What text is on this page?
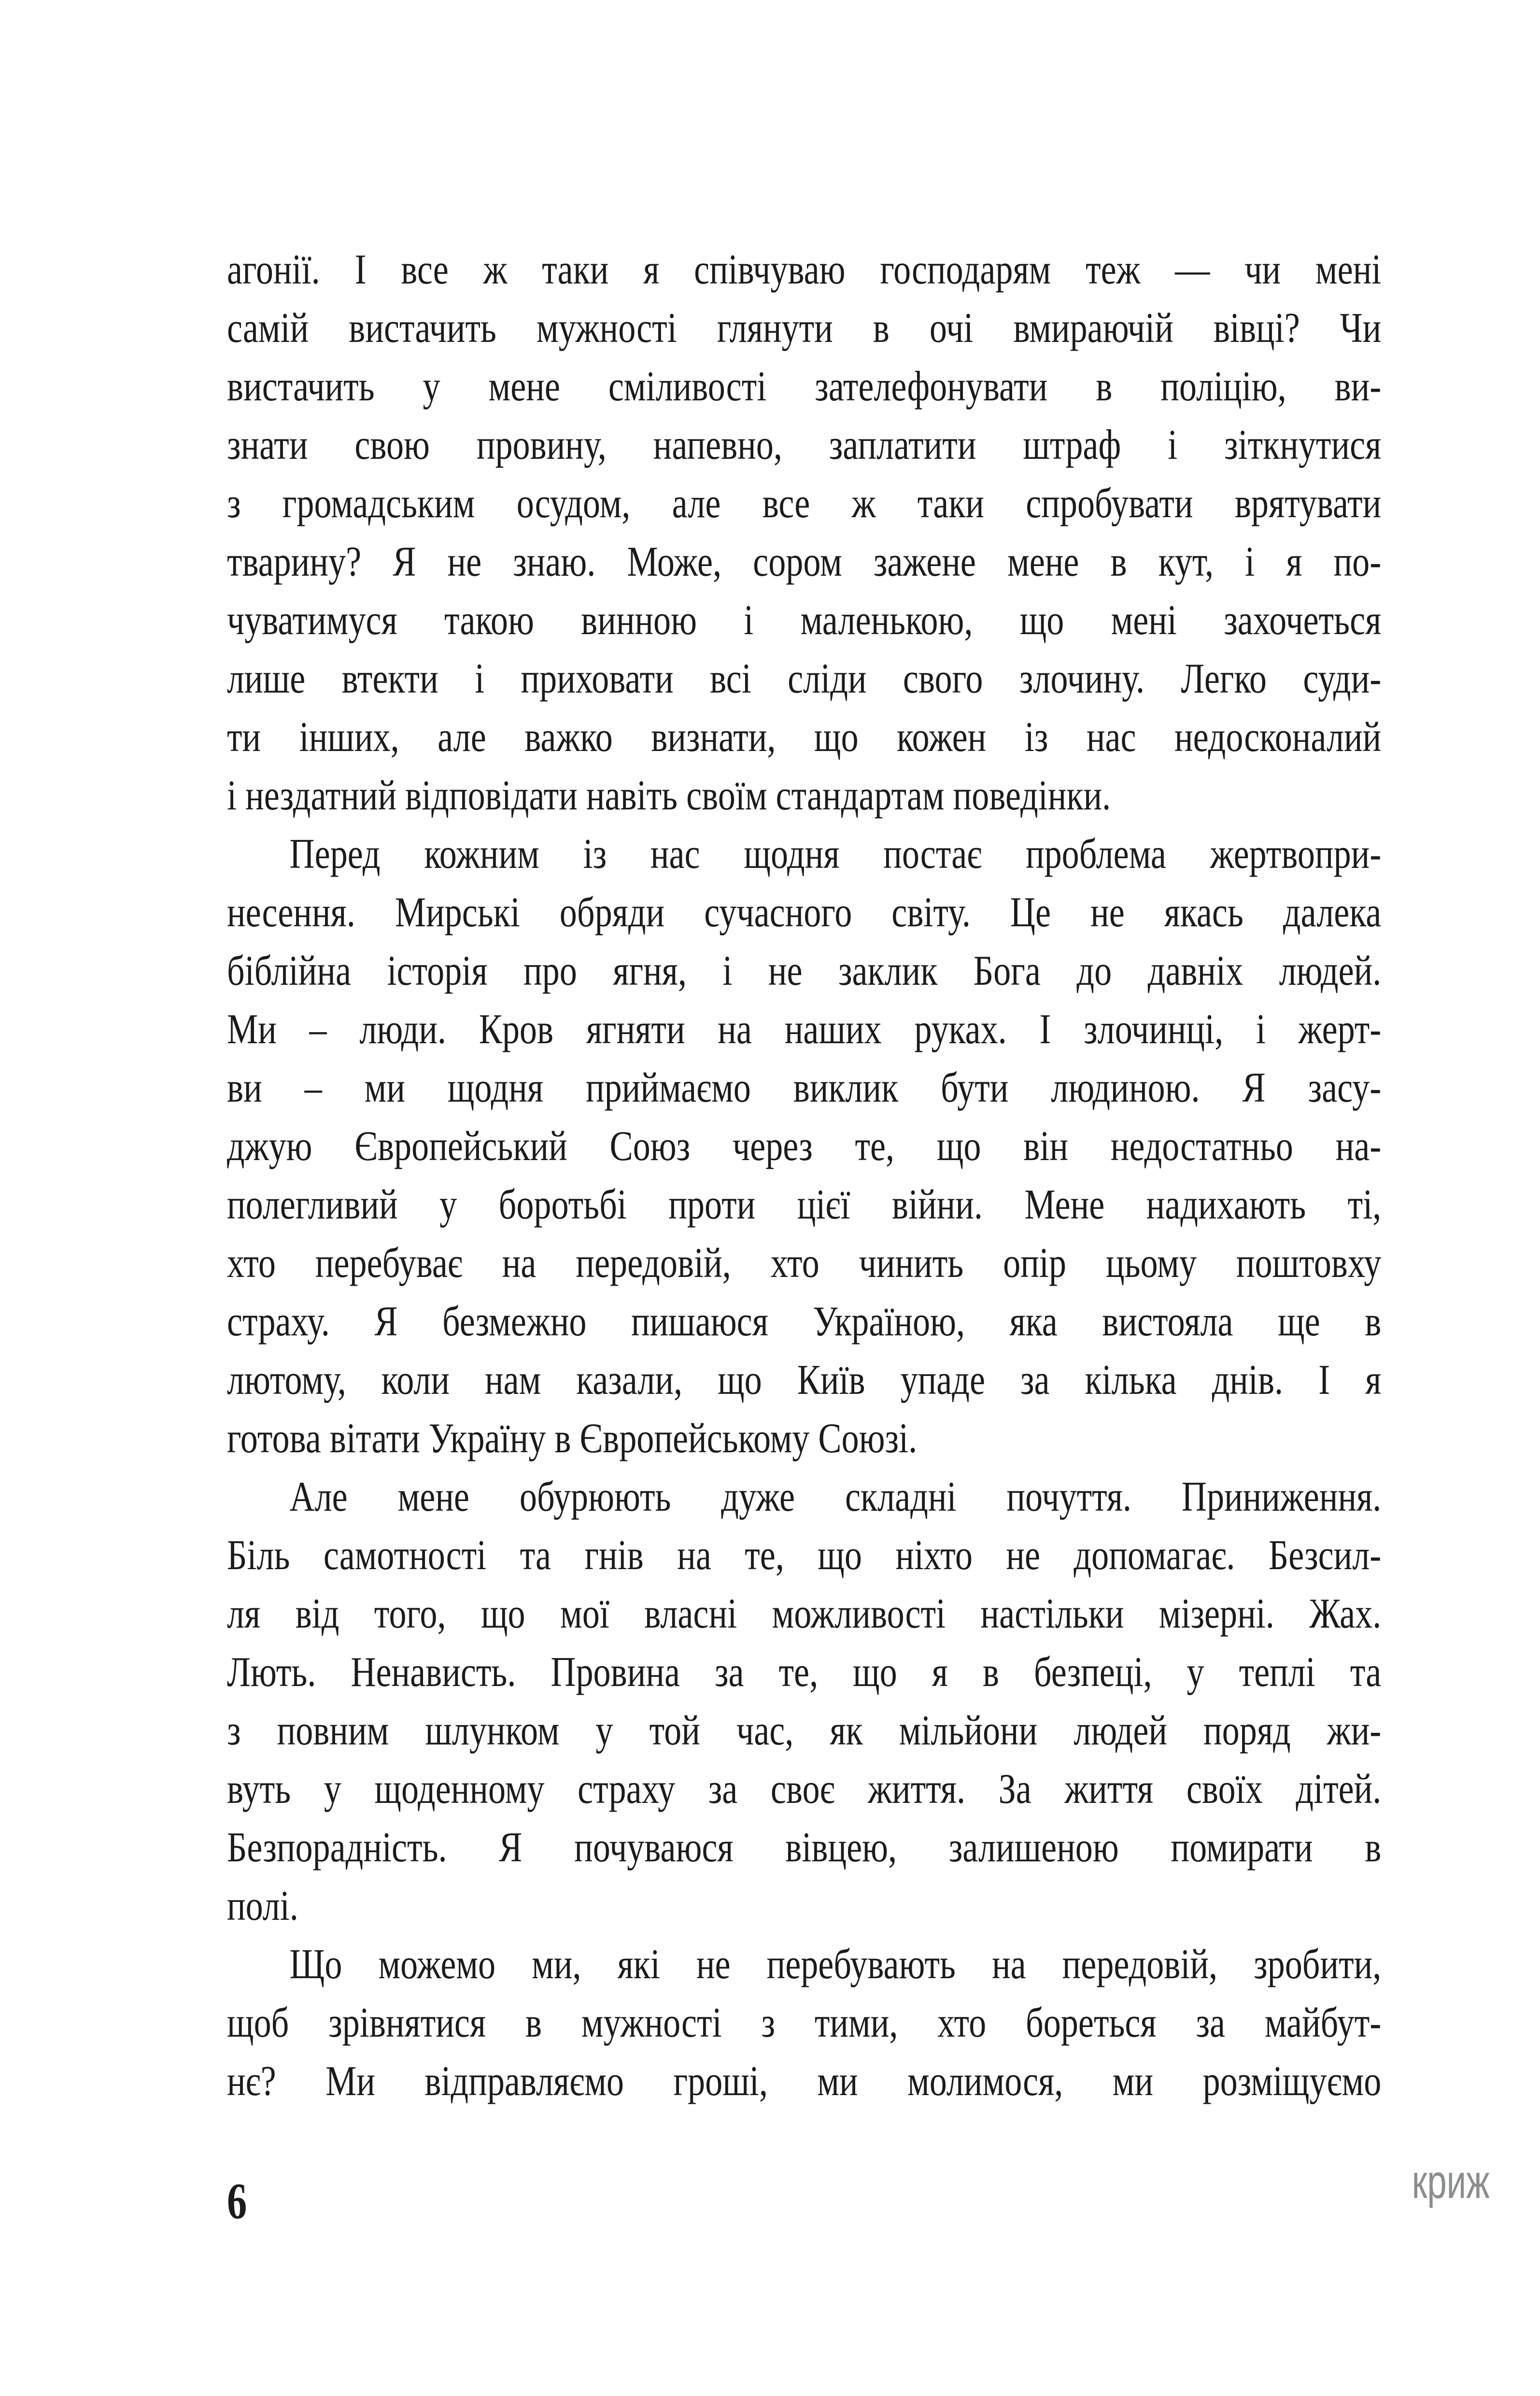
агонії. І все ж таки я співчуваю господарям теж — чи мені
самій вистачить мужності глянути в очі вмираючій вівці? Чи
вистачить у мене сміливості зателефонувати в поліцію, ви-
знати свою провину, напевно, заплатити штраф і зіткнутися
з громадським осудом, але все ж таки спробувати врятувати
тварину? Я не знаю. Може, сором зажене мене в кут, і я по-
чуватимуся такою винною і маленькою, що мені захочеться
лише втекти і приховати всі сліди свого злочину. Легко суди-
ти інших, але важко визнати, що кожен із нас недосконалий
і нездатний відповідати навіть своїм стандартам поведінки.
Перед кожним із нас щодня постає проблема жертвопри-
несення. Мирські обряди сучасного світу. Це не якась далека
біблійна історія про ягня, і не заклик Бога до давніх людей.
Ми – люди. Кров ягняти на наших руках. І злочинці, і жерт-
ви – ми щодня приймаємо виклик бути людиною. Я засу-
джую Європейський Союз через те, що він недостатньо на-
полегливий у боротьбі проти цієї війни. Мене надихають ті,
хто перебуває на передовій, хто чинить опір цьому поштовху
страху. Я безмежно пишаюся Україною, яка вистояла ще в
лютому, коли нам казали, що Київ упаде за кілька днів. І я
готова вітати Україну в Європейському Союзі.
Але мене обурюють дуже складні почуття. Приниження.
Біль самотності та гнів на те, що ніхто не допомагає. Безсил-
ля від того, що мої власні можливості настільки мізерні. Жах.
Лють. Ненависть. Провина за те, що я в безпеці, у теплі та
з повним шлунком у той час, як мільйони людей поряд жи-
вуть у щоденному страху за своє життя. За життя своїх дітей.
Безпорадність. Я почуваюся вівцею, залишеною помирати в
полі.
Що можемо ми, які не перебувають на передовій, зробити,
щоб зрівнятися в мужності з тими, хто бореться за майбут-
нє? Ми відправляємо гроші, ми молимося, ми розміщуємо
6	криж
